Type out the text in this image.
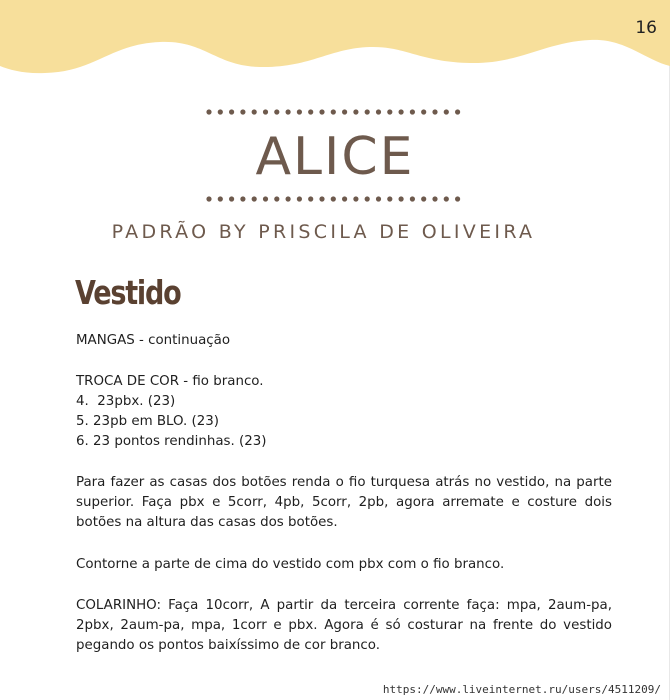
16
ALICE
PADRÃO BY PRISCILA DE OLIVEIRA
Vestido
MANGAS - continuação
TROCA DE COR - fio branco.
4.  23pbx. (23)
5. 23pb em BLO. (23)
6. 23 pontos rendinhas. (23)
Para fazer as casas dos botões renda o fio turquesa atrás no vestido, na parte superior. Faça pbx e 5corr, 4pb, 5corr, 2pb, agora arremate e costure dois botões na altura das casas dos botões.
Contorne a parte de cima do vestido com pbx com o fio branco.
COLARINHO: Faça 10corr, A partir da terceira corrente faça: mpa, 2aum-pa, 2pbx, 2aum-pa, mpa, 1corr e pbx. Agora é só costurar na frente do vestido pegando os pontos baixíssimo de cor branco.
https://www.liveinternet.ru/users/4511209/
